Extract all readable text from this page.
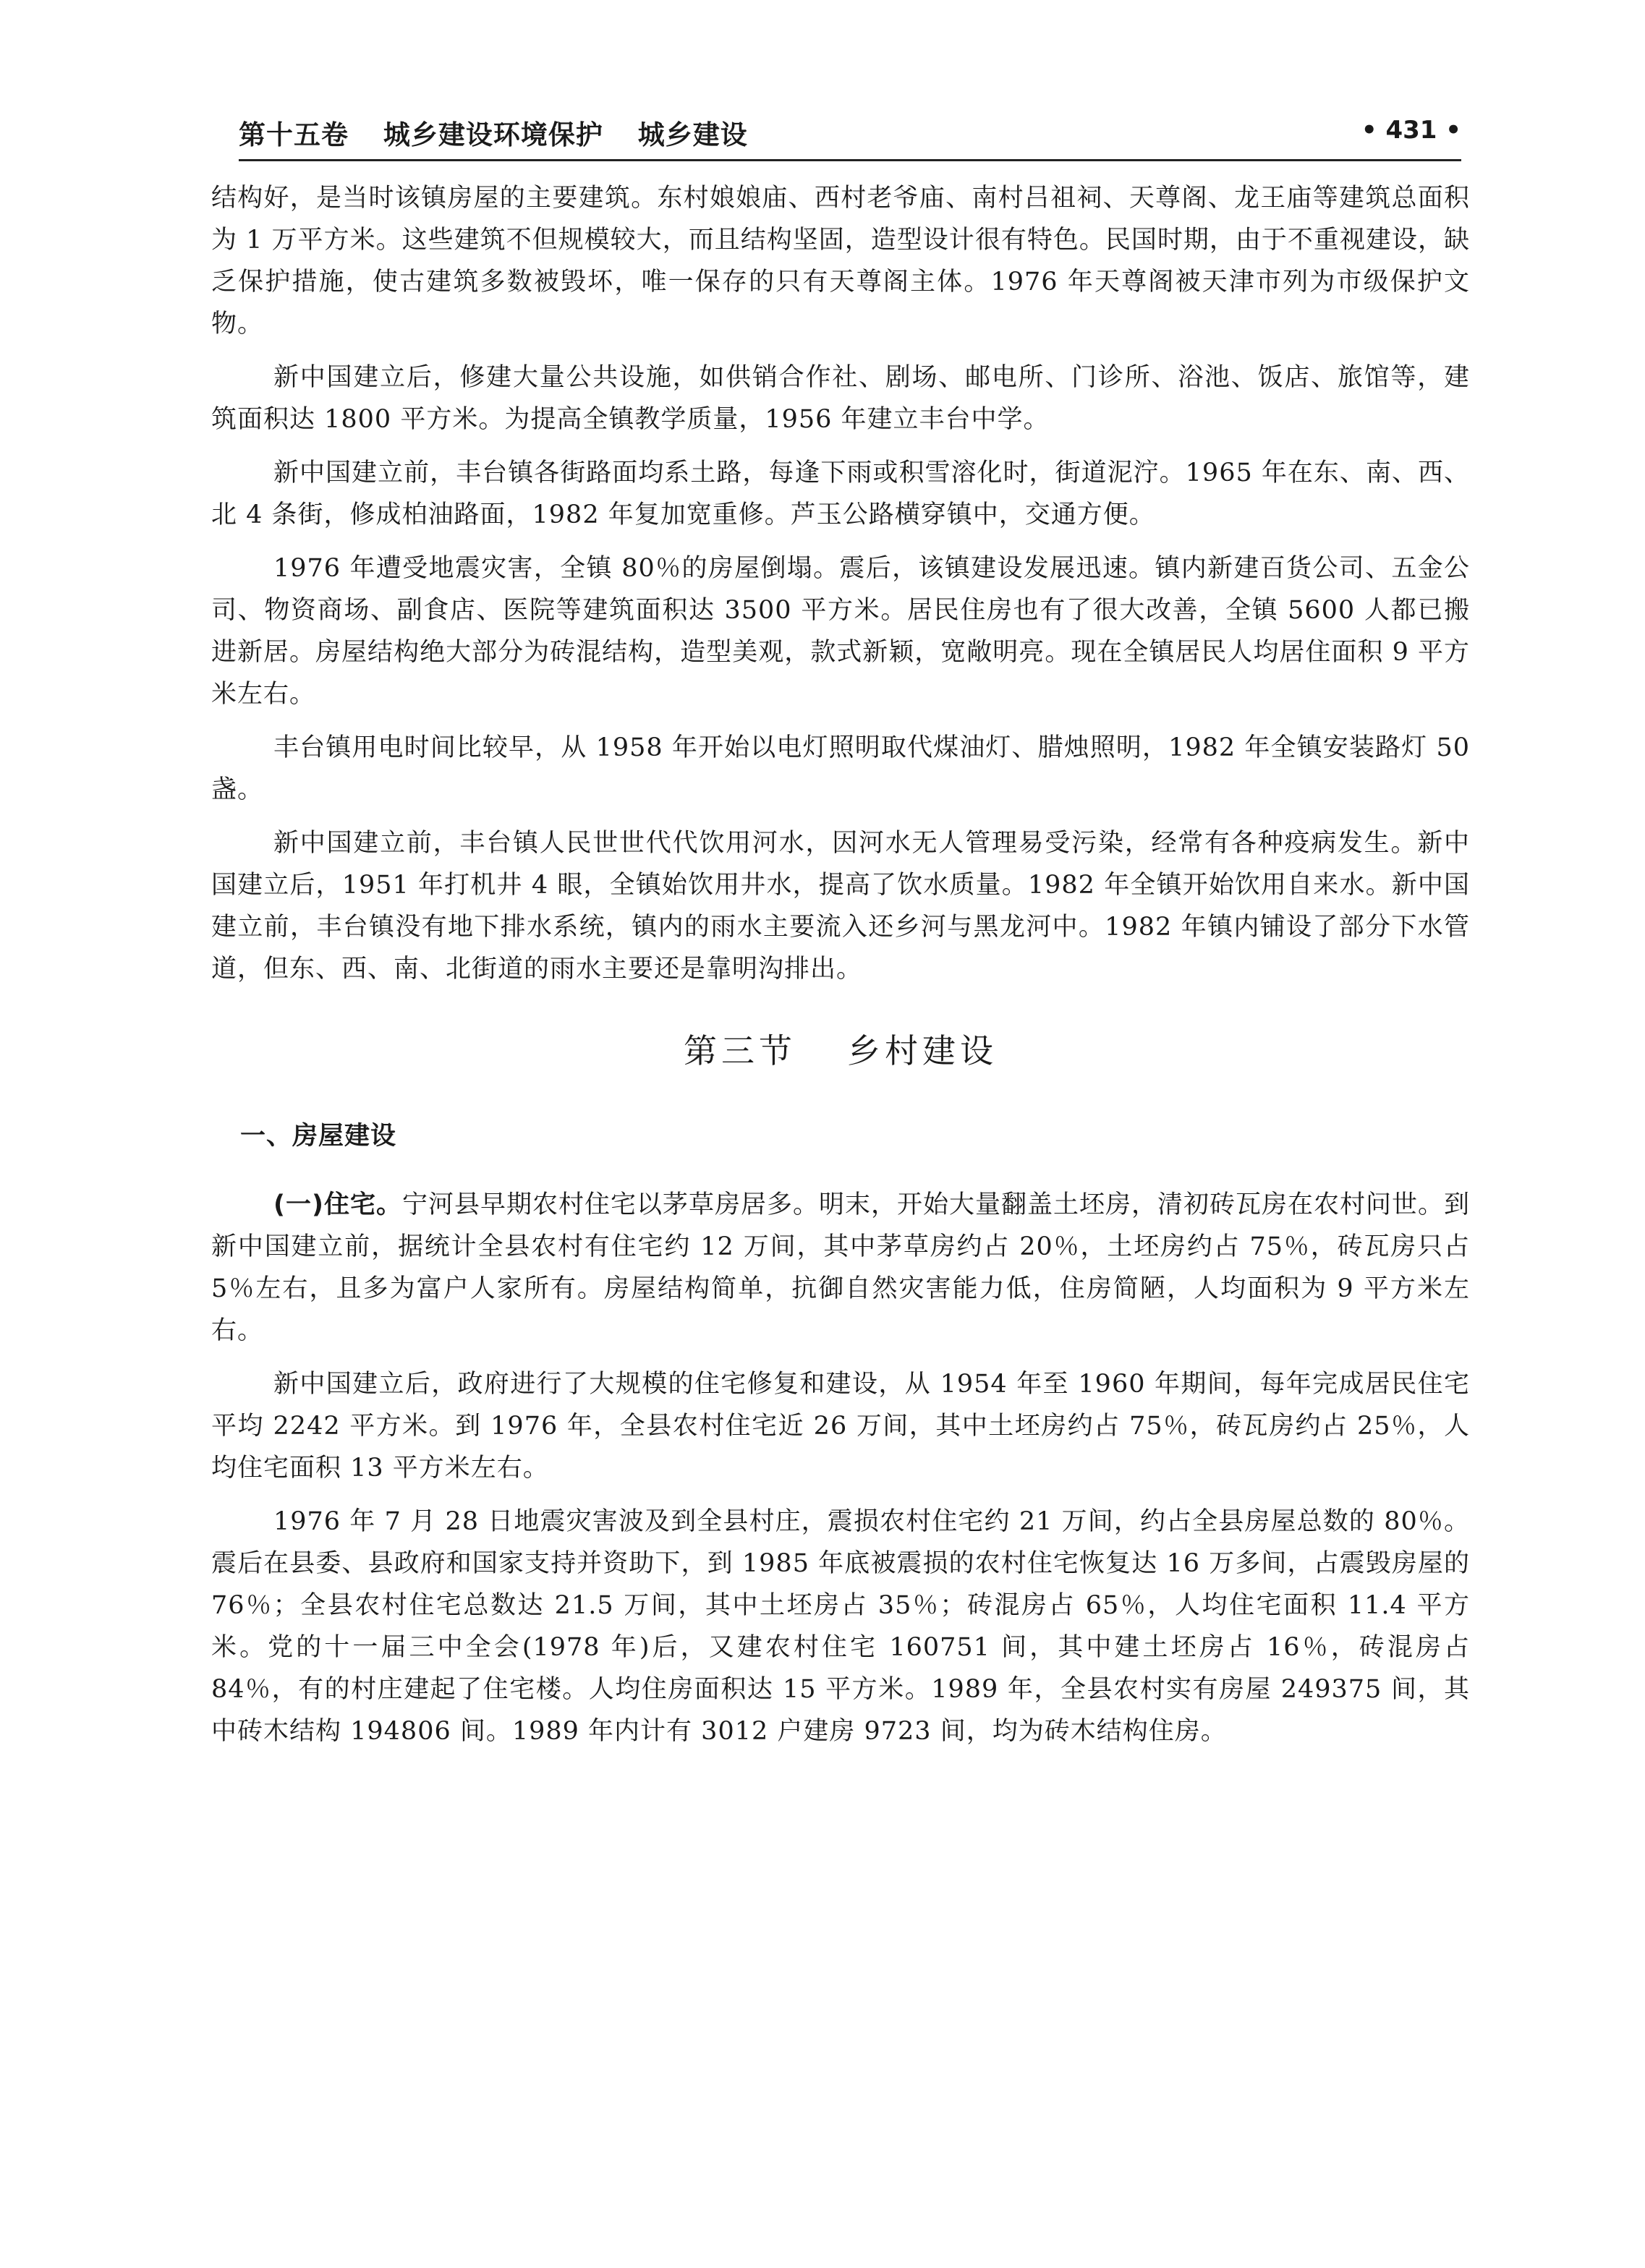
第十五卷 城乡建设环境保护 城乡建设	• 431 •

结构好，是当时该镇房屋的主要建筑。东村娘娘庙、西村老爷庙、南村吕祖祠、天尊阁、龙王庙等建筑总面积为 1 万平方米。这些建筑不但规模较大，而且结构坚固，造型设计很有特色。民国时期，由于不重视建设，缺乏保护措施，使古建筑多数被毁坏，唯一保存的只有天尊阁主体。1976 年天尊阁被天津市列为市级保护文物。

新中国建立后，修建大量公共设施，如供销合作社、剧场、邮电所、门诊所、浴池、饭店、旅馆等，建筑面积达 1800 平方米。为提高全镇教学质量，1956 年建立丰台中学。

新中国建立前，丰台镇各街路面均系土路，每逢下雨或积雪溶化时，街道泥泞。1965 年在东、南、西、北 4 条街，修成柏油路面，1982 年复加宽重修。芦玉公路横穿镇中，交通方便。

1976 年遭受地震灾害，全镇 80％的房屋倒塌。震后，该镇建设发展迅速。镇内新建百货公司、五金公司、物资商场、副食店、医院等建筑面积达 3500 平方米。居民住房也有了很大改善，全镇 5600 人都已搬进新居。房屋结构绝大部分为砖混结构，造型美观，款式新颖，宽敞明亮。现在全镇居民人均居住面积 9 平方米左右。

丰台镇用电时间比较早，从 1958 年开始以电灯照明取代煤油灯、腊烛照明，1982 年全镇安装路灯 50 盏。

新中国建立前，丰台镇人民世世代代饮用河水，因河水无人管理易受污染，经常有各种疫病发生。新中国建立后，1951 年打机井 4 眼，全镇始饮用井水，提高了饮水质量。1982 年全镇开始饮用自来水。新中国建立前，丰台镇没有地下排水系统，镇内的雨水主要流入还乡河与黑龙河中。1982 年镇内铺设了部分下水管道，但东、西、南、北街道的雨水主要还是靠明沟排出。

第三节 乡村建设
一、房屋建设

(一)住宅。宁河县早期农村住宅以茅草房居多。明末，开始大量翻盖土坯房，清初砖瓦房在农村问世。到新中国建立前，据统计全县农村有住宅约 12 万间，其中茅草房约占 20％，土坯房约占 75％，砖瓦房只占 5％左右，且多为富户人家所有。房屋结构简单，抗御自然灾害能力低，住房简陋，人均面积为 9 平方米左右。

新中国建立后，政府进行了大规模的住宅修复和建设，从 1954 年至 1960 年期间，每年完成居民住宅平均 2242 平方米。到 1976 年，全县农村住宅近 26 万间，其中土坯房约占 75％，砖瓦房约占 25％，人均住宅面积 13 平方米左右。

1976 年 7 月 28 日地震灾害波及到全县村庄，震损农村住宅约 21 万间，约占全县房屋总数的 80％。震后在县委、县政府和国家支持并资助下，到 1985 年底被震损的农村住宅恢复达 16 万多间，占震毁房屋的 76％；全县农村住宅总数达 21.5 万间，其中土坯房占 35％；砖混房占 65％，人均住宅面积 11.4 平方米。党的十一届三中全会(1978 年)后，又建农村住宅 160751 间，其中建土坯房占 16％，砖混房占 84％，有的村庄建起了住宅楼。人均住房面积达 15 平方米。1989 年，全县农村实有房屋 249375 间，其中砖木结构 194806 间。1989 年内计有 3012 户建房 9723 间，均为砖木结构住房。
